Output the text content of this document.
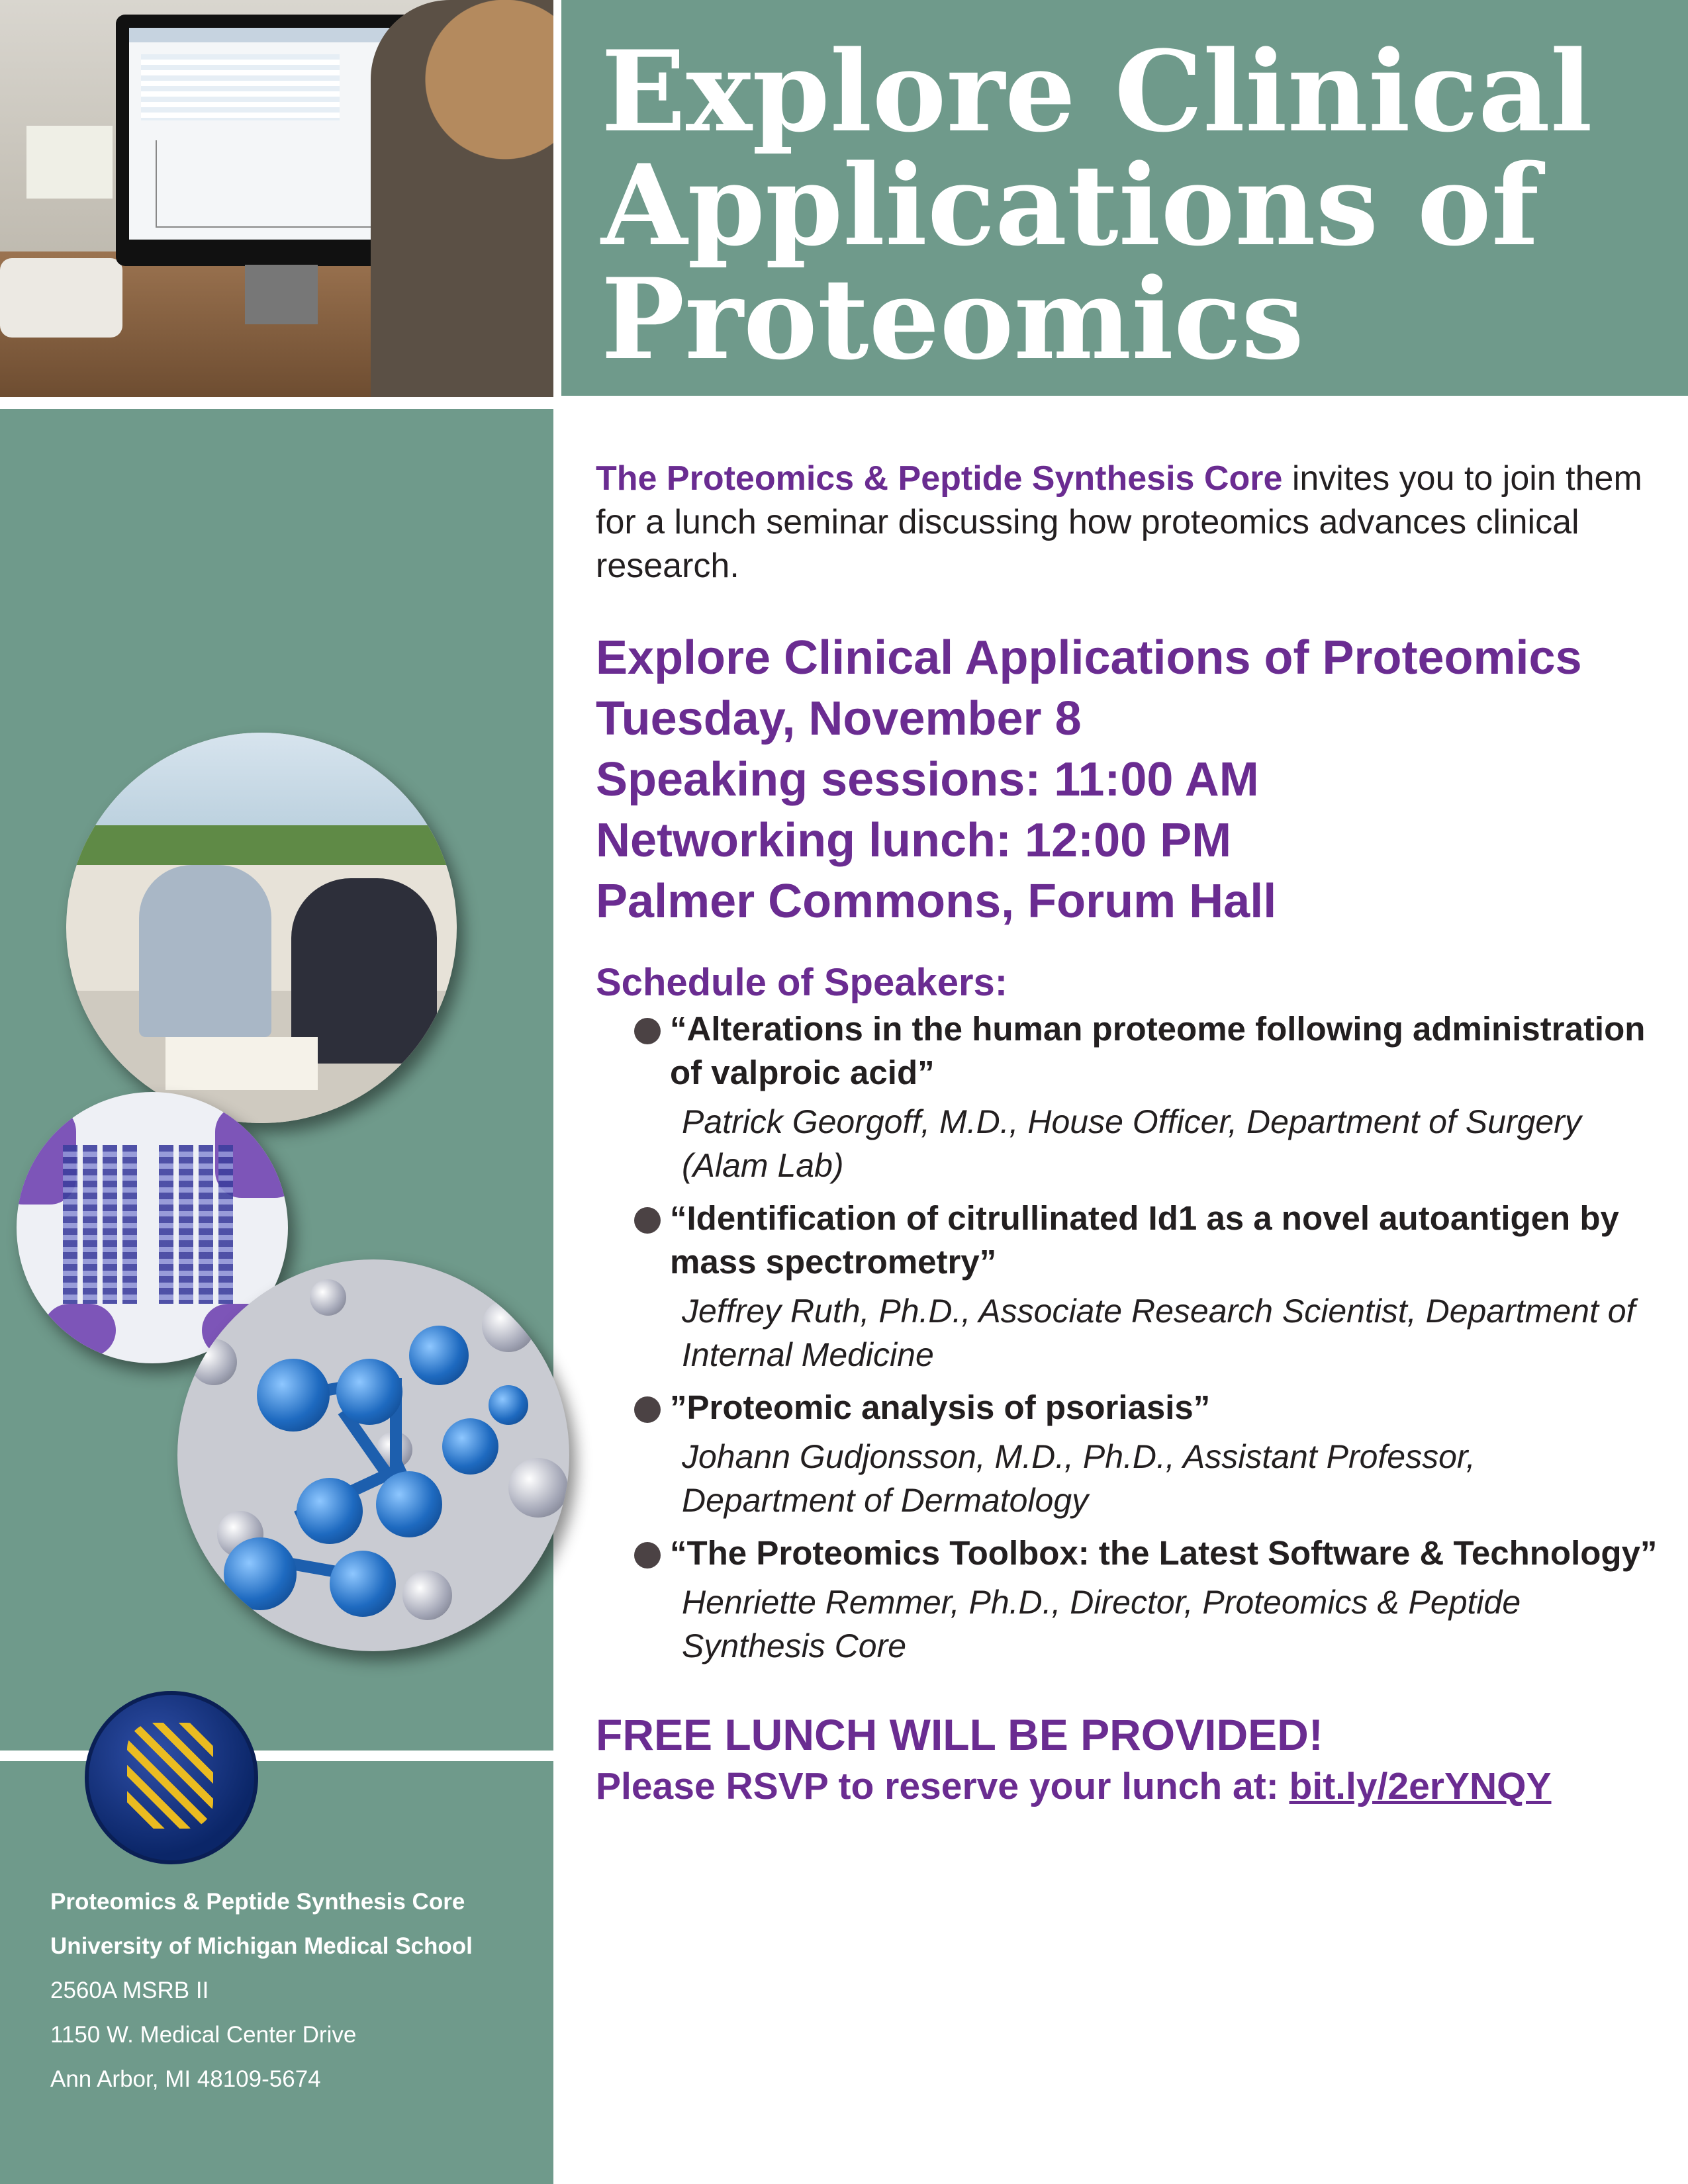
Explore Clinical
Applications of
Proteomics
Proteomics & Peptide Synthesis Core
University of Michigan Medical School
2560A MSRB II
1150 W. Medical Center Drive
Ann Arbor, MI 48109-5674

The Proteomics & Peptide Synthesis Core invites you to join them for a lunch seminar discussing how proteomics advances clinical research.

Explore Clinical Applications of Proteomics
Tuesday, November 8
Speaking sessions: 11:00 AM
Networking lunch: 12:00 PM
Palmer Commons, Forum Hall
Schedule of Speakers:
“Alterations in the human proteome following administration of valproic acid”
Patrick Georgoff, M.D., House Officer, Department of Surgery
(Alam Lab)
“Identification of citrullinated Id1 as a novel autoantigen by mass spectrometry”
Jeffrey Ruth, Ph.D., Associate Research Scientist, Department of
Internal Medicine
”Proteomic analysis of psoriasis”
Johann Gudjonsson, M.D., Ph.D., Assistant Professor,
Department of Dermatology
“The Proteomics Toolbox: the Latest Software & Technology”
Henriette Remmer, Ph.D., Director, Proteomics & Peptide
Synthesis Core
FREE LUNCH WILL BE PROVIDED!
Please RSVP to reserve your lunch at: bit.ly/2erYNQY
